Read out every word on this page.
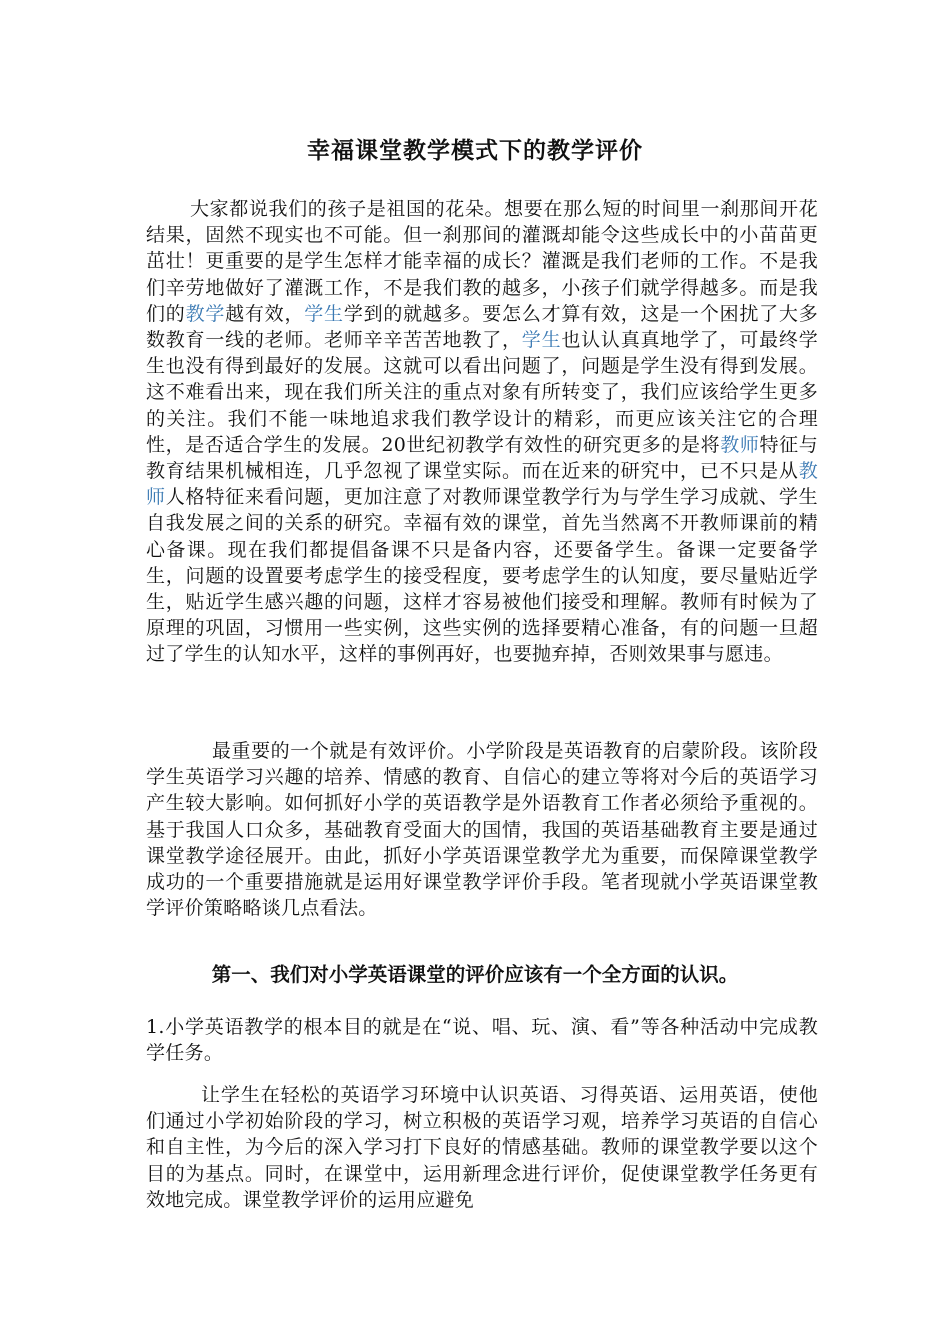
幸福课堂教学模式下的教学评价
大家都说我们的孩子是祖国的花朵。想要在那么短的时间里一刹那间开花结果，固然不现实也不可能。但一刹那间的灌溉却能令这些成长中的小苗苗更茁壮！更重要的是学生怎样才能幸福的成长？灌溉是我们老师的工作。不是我们辛劳地做好了灌溉工作，不是我们教的越多，小孩子们就学得越多。而是我们的教学越有效，学生学到的就越多。要怎么才算有效，这是一个困扰了大多数教育一线的老师。老师辛辛苦苦地教了，学生也认认真真地学了，可最终学生也没有得到最好的发展。这就可以看出问题了，问题是学生没有得到发展。这不难看出来，现在我们所关注的重点对象有所转变了，我们应该给学生更多的关注。我们不能一味地追求我们教学设计的精彩，而更应该关注它的合理性，是否适合学生的发展。20世纪初教学有效性的研究更多的是将教师特征与教育结果机械相连，几乎忽视了课堂实际。而在近来的研究中，已不只是从教师人格特征来看问题，更加注意了对教师课堂教学行为与学生学习成就、学生自我发展之间的关系的研究。幸福有效的课堂，首先当然离不开教师课前的精心备课。现在我们都提倡备课不只是备内容，还要备学生。备课一定要备学生，问题的设置要考虑学生的接受程度，要考虑学生的认知度，要尽量贴近学生，贴近学生感兴趣的问题，这样才容易被他们接受和理解。教师有时候为了原理的巩固，习惯用一些实例，这些实例的选择要精心准备，有的问题一旦超过了学生的认知水平，这样的事例再好，也要抛弃掉，否则效果事与愿违。
最重要的一个就是有效评价。小学阶段是英语教育的启蒙阶段。该阶段学生英语学习兴趣的培养、情感的教育、自信心的建立等将对今后的英语学习产生较大影响。如何抓好小学的英语教学是外语教育工作者必须给予重视的。基于我国人口众多，基础教育受面大的国情，我国的英语基础教育主要是通过课堂教学途径展开。由此，抓好小学英语课堂教学尤为重要，而保障课堂教学成功的一个重要措施就是运用好课堂教学评价手段。笔者现就小学英语课堂教学评价策略略谈几点看法。
第一、我们对小学英语课堂的评价应该有一个全方面的认识。
1.小学英语教学的根本目的就是在“说、唱、玩、演、看”等各种活动中完成教学任务。
让学生在轻松的英语学习环境中认识英语、习得英语、运用英语，使他们通过小学初始阶段的学习，树立积极的英语学习观，培养学习英语的自信心和自主性，为今后的深入学习打下良好的情感基础。教师的课堂教学要以这个目的为基点。同时，在课堂中，运用新理念进行评价，促使课堂教学任务更有效地完成。课堂教学评价的运用应避免
